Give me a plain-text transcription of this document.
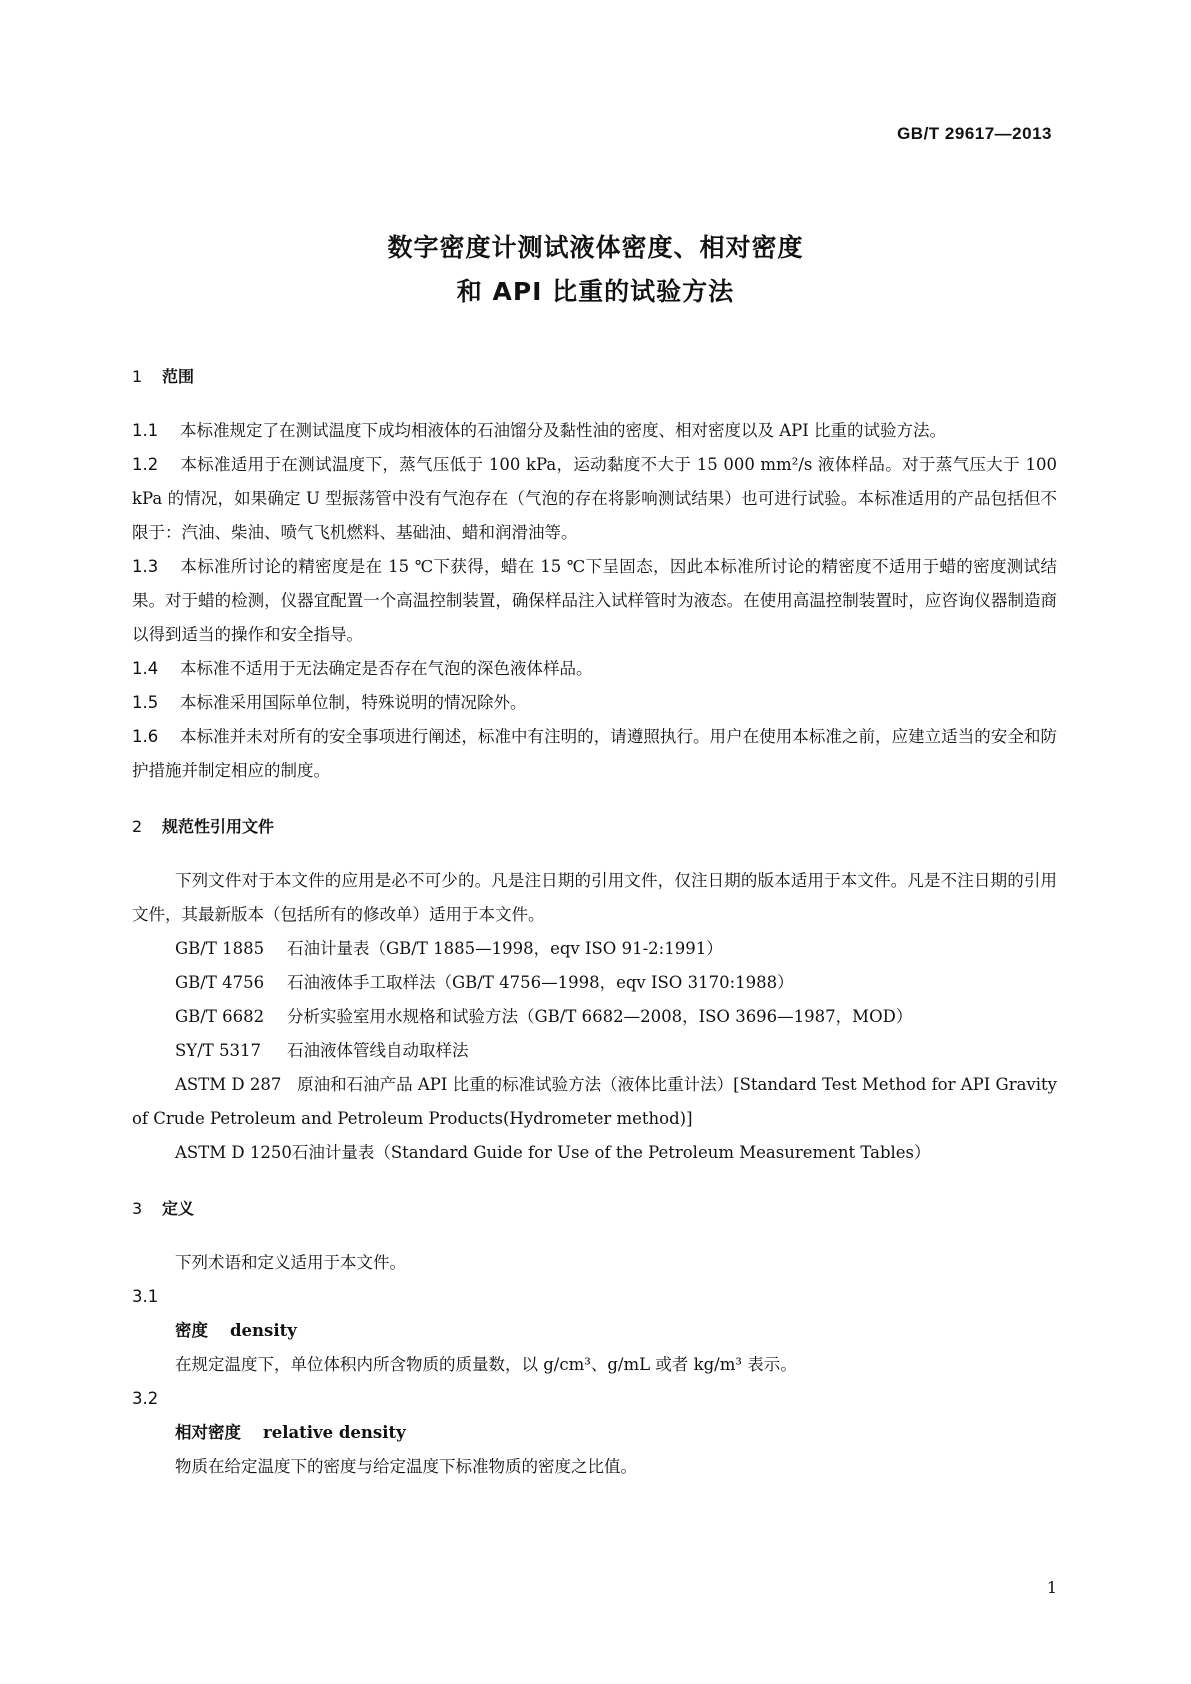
GB/T 29617—2013
数字密度计测试液体密度、相对密度
和 API 比重的试验方法
1 范围
1.1 本标准规定了在测试温度下成均相液体的石油馏分及黏性油的密度、相对密度以及 API 比重的试验方法。
1.2 本标准适用于在测试温度下，蒸气压低于 100 kPa，运动黏度不大于 15 000 mm²/s 液体样品。对于蒸气压大于 100 kPa 的情况，如果确定 U 型振荡管中没有气泡存在（气泡的存在将影响测试结果）也可进行试验。本标准适用的产品包括但不限于：汽油、柴油、喷气飞机燃料、基础油、蜡和润滑油等。
1.3 本标准所讨论的精密度是在 15 ℃下获得，蜡在 15 ℃下呈固态，因此本标准所讨论的精密度不适用于蜡的密度测试结果。对于蜡的检测，仪器宜配置一个高温控制装置，确保样品注入试样管时为液态。在使用高温控制装置时，应咨询仪器制造商以得到适当的操作和安全指导。
1.4 本标准不适用于无法确定是否存在气泡的深色液体样品。
1.5 本标准采用国际单位制，特殊说明的情况除外。
1.6 本标准并未对所有的安全事项进行阐述，标准中有注明的，请遵照执行。用户在使用本标准之前，应建立适当的安全和防护措施并制定相应的制度。
2 规范性引用文件
下列文件对于本文件的应用是必不可少的。凡是注日期的引用文件，仅注日期的版本适用于本文件。凡是不注日期的引用文件，其最新版本（包括所有的修改单）适用于本文件。
GB/T 1885 石油计量表（GB/T 1885—1998，eqv ISO 91-2:1991）
GB/T 4756 石油液体手工取样法（GB/T 4756—1998，eqv ISO 3170:1988）
GB/T 6682 分析实验室用水规格和试验方法（GB/T 6682—2008，ISO 3696—1987，MOD）
SY/T 5317 石油液体管线自动取样法
ASTM D 287 原油和石油产品 API 比重的标准试验方法（液体比重计法）[Standard Test Method for API Gravity of Crude Petroleum and Petroleum Products(Hydrometer method)]
ASTM D 1250石油计量表（Standard Guide for Use of the Petroleum Measurement Tables）
3 定义
下列术语和定义适用于本文件。
3.1
密度 density
在规定温度下，单位体积内所含物质的质量数，以 g/cm³、g/mL 或者 kg/m³ 表示。
3.2
相对密度 relative density
物质在给定温度下的密度与给定温度下标准物质的密度之比值。
1
